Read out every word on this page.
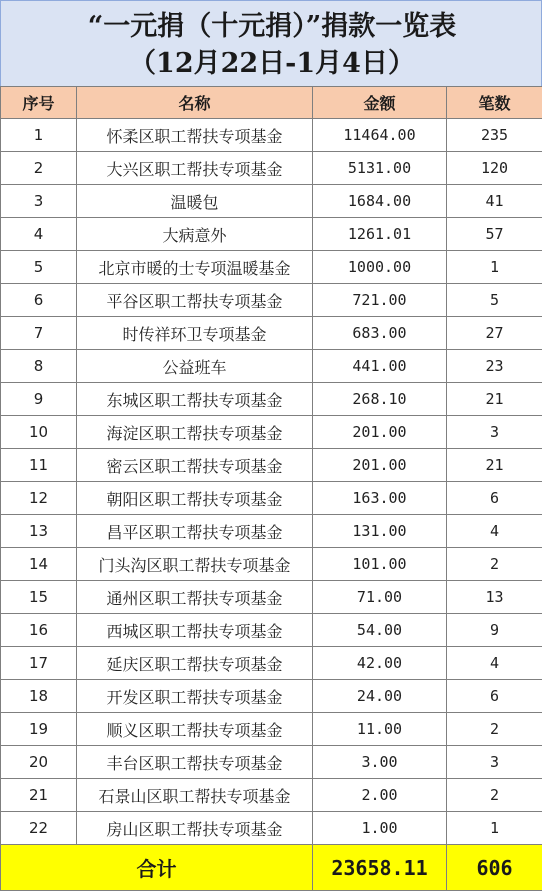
“一元捐（十元捐）”捐款一览表
（12月22日-1月4日）
序号	名称	金额	笔数
1	怀柔区职工帮扶专项基金	11464.00	235
2	大兴区职工帮扶专项基金	5131.00	120
3	温暖包	1684.00	41
4	大病意外	1261.01	57
5	北京市暖的士专项温暖基金	1000.00	1
6	平谷区职工帮扶专项基金	721.00	5
7	时传祥环卫专项基金	683.00	27
8	公益班车	441.00	23
9	东城区职工帮扶专项基金	268.10	21
10	海淀区职工帮扶专项基金	201.00	3
11	密云区职工帮扶专项基金	201.00	21
12	朝阳区职工帮扶专项基金	163.00	6
13	昌平区职工帮扶专项基金	131.00	4
14	门头沟区职工帮扶专项基金	101.00	2
15	通州区职工帮扶专项基金	71.00	13
16	西城区职工帮扶专项基金	54.00	9
17	延庆区职工帮扶专项基金	42.00	4
18	开发区职工帮扶专项基金	24.00	6
19	顺义区职工帮扶专项基金	11.00	2
20	丰台区职工帮扶专项基金	3.00	3
21	石景山区职工帮扶专项基金	2.00	2
22	房山区职工帮扶专项基金	1.00	1
合计		23658.11	606
